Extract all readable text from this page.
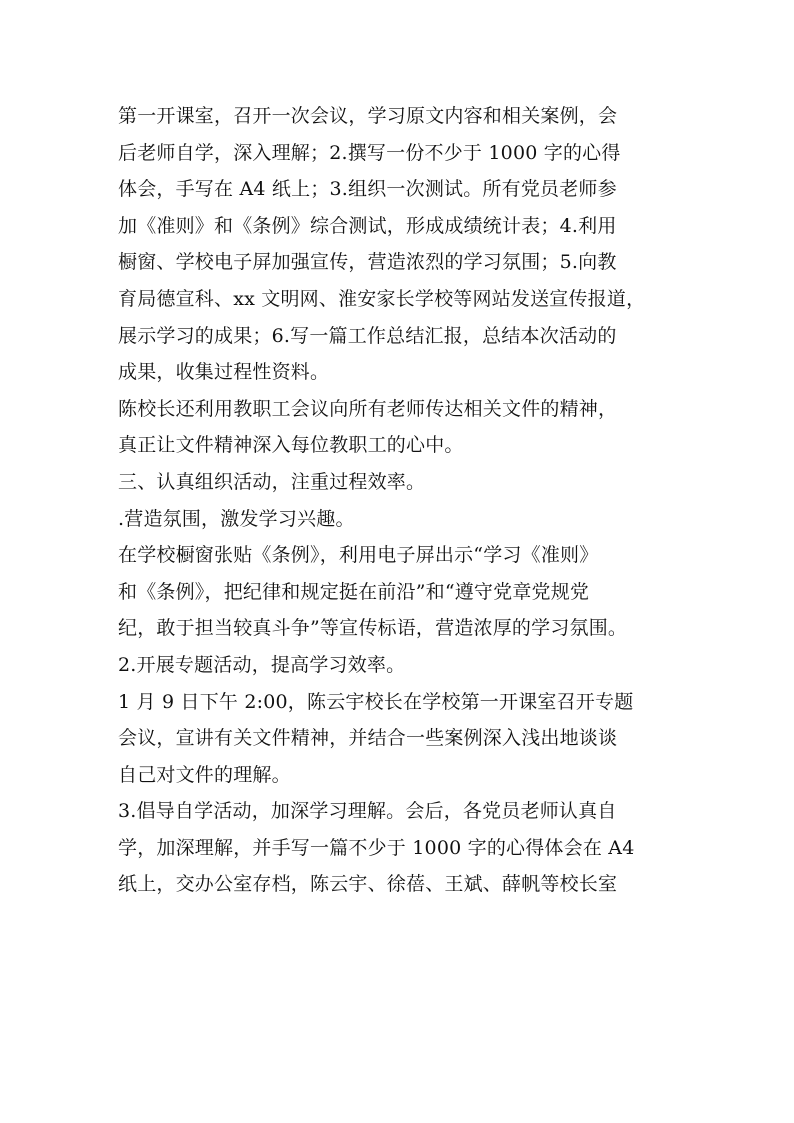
第一开课室，召开一次会议，学习原文内容和相关案例，会
后老师自学，深入理解；2.撰写一份不少于 1000 字的心得
体会，手写在 A4 纸上；3.组织一次测试。所有党员老师参
加《准则》和《条例》综合测试，形成成绩统计表；4.利用
橱窗、学校电子屏加强宣传，营造浓烈的学习氛围；5.向教
育局德宣科、xx 文明网、淮安家长学校等网站发送宣传报道，
展示学习的成果；6.写一篇工作总结汇报，总结本次活动的
成果，收集过程性资料。
陈校长还利用教职工会议向所有老师传达相关文件的精神，
真正让文件精神深入每位教职工的心中。
三、认真组织活动，注重过程效率。
.营造氛围，激发学习兴趣。
在学校橱窗张贴《条例》，利用电子屏出示“学习《准则》
和《条例》，把纪律和规定挺在前沿”和“遵守党章党规党
纪，敢于担当较真斗争”等宣传标语，营造浓厚的学习氛围。
2.开展专题活动，提高学习效率。
1 月 9 日下午 2:00，陈云宇校长在学校第一开课室召开专题
会议，宣讲有关文件精神，并结合一些案例深入浅出地谈谈
自己对文件的理解。
3.倡导自学活动，加深学习理解。会后，各党员老师认真自
学，加深理解，并手写一篇不少于 1000 字的心得体会在 A4
纸上，交办公室存档，陈云宇、徐蓓、王斌、薛帆等校长室
